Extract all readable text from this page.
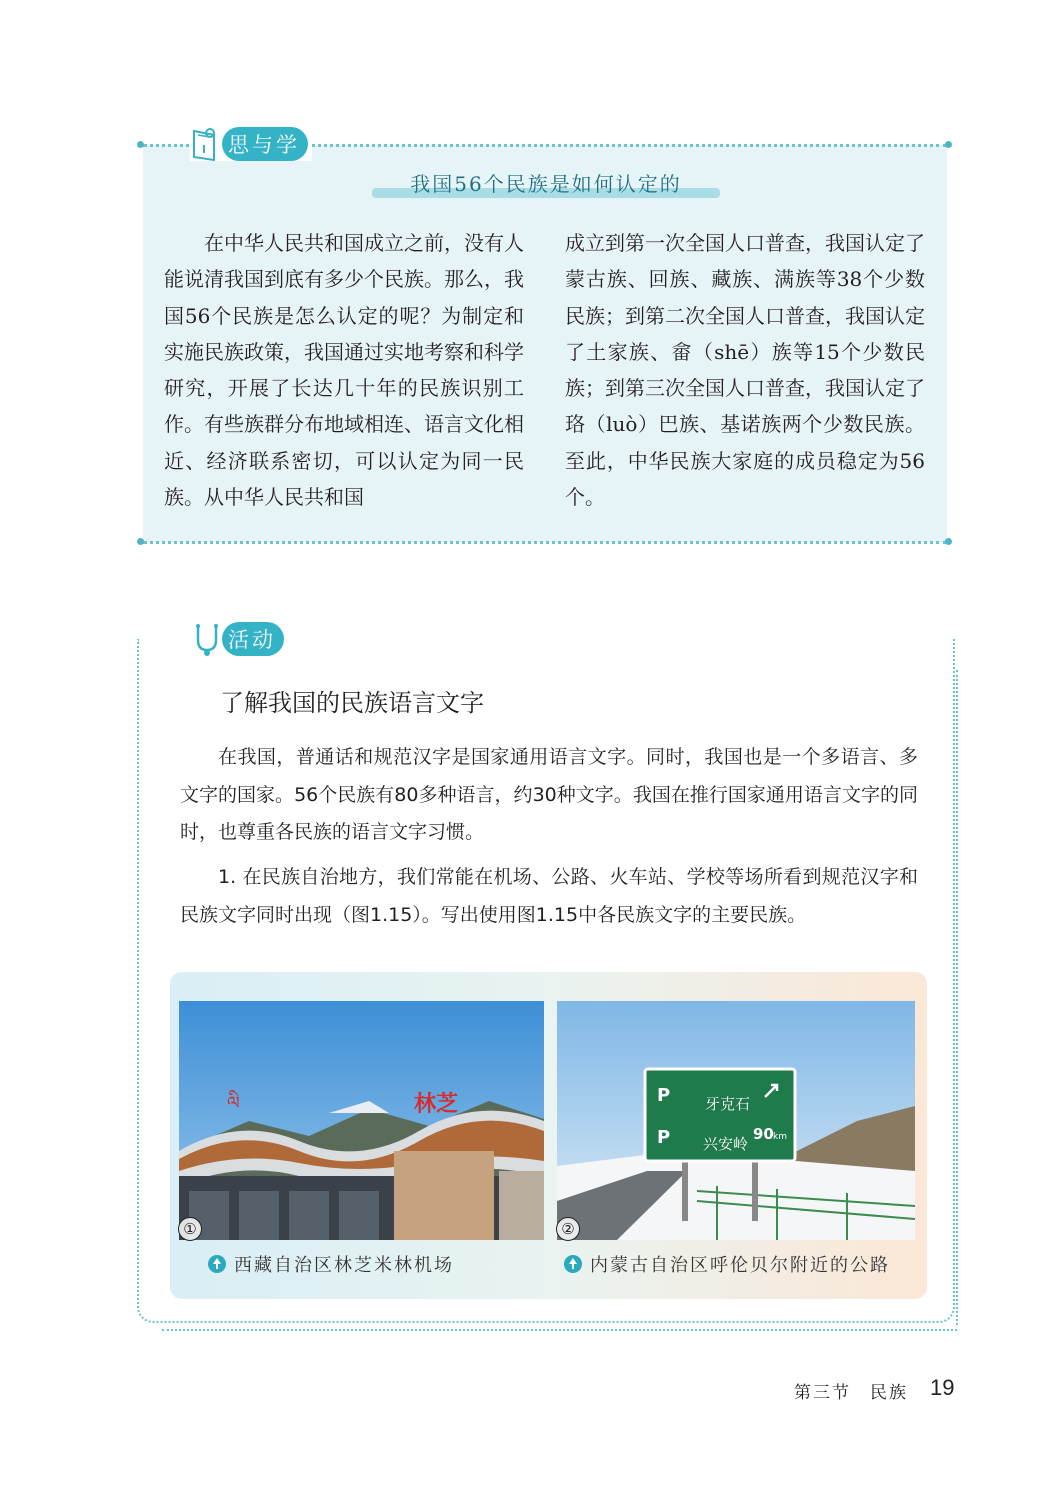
思与学
我国56个民族是如何认定的

在中华人民共和国成立之前，没有人能说清我国到底有多少个民族。那么，我国56个民族是怎么认定的呢？为制定和实施民族政策，我国通过实地考察和科学研究，开展了长达几十年的民族识别工作。有些族群分布地域相连、语言文化相近、经济联系密切，可以认定为同一民族。从中华人民共和国

成立到第一次全国人口普查，我国认定了蒙古族、回族、藏族、满族等38个少数民族；到第二次全国人口普查，我国认定了土家族、畲（shē）族等15个少数民族；到第三次全国人口普查，我国认定了珞（luò）巴族、基诺族两个少数民族。至此，中华民族大家庭的成员稳定为56个。

活动
了解我国的民族语言文字

在我国，普通话和规范汉字是国家通用语言文字。同时，我国也是一个多语言、多文字的国家。56个民族有80多种语言，约30种文字。我国在推行国家通用语言文字的同时，也尊重各民族的语言文字习惯。

1. 在民族自治地方，我们常能在机场、公路、火车站、学校等场所看到规范汉字和民族文字同时出现（图1.15）。写出使用图1.15中各民族文字的主要民族。

ལི	林芝	P
P
牙克石
兴安岭
90 km
①	②
西藏自治区林芝米林机场	内蒙古自治区呼伦贝尔附近的公路
第三节　民族 19
